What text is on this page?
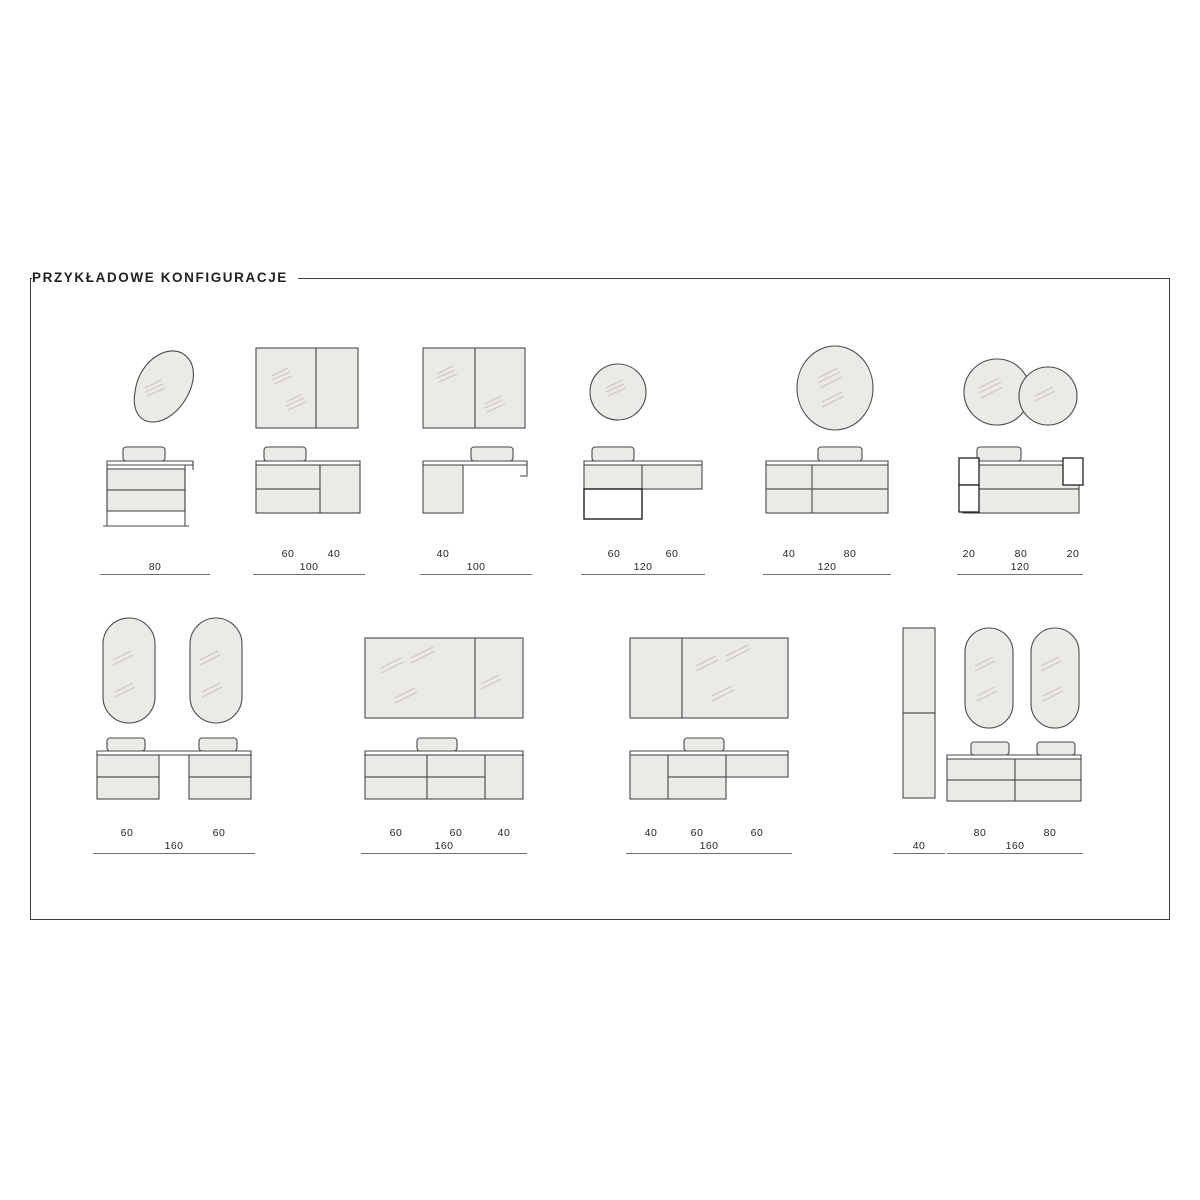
PRZYKŁADOWE KONFIGURACJE
80
60	40
100
40
100
60	60
120
40	80
120
20	80	20
120
60	60
160
60	60	40
160
40	60	60
160
80	80
40	160
